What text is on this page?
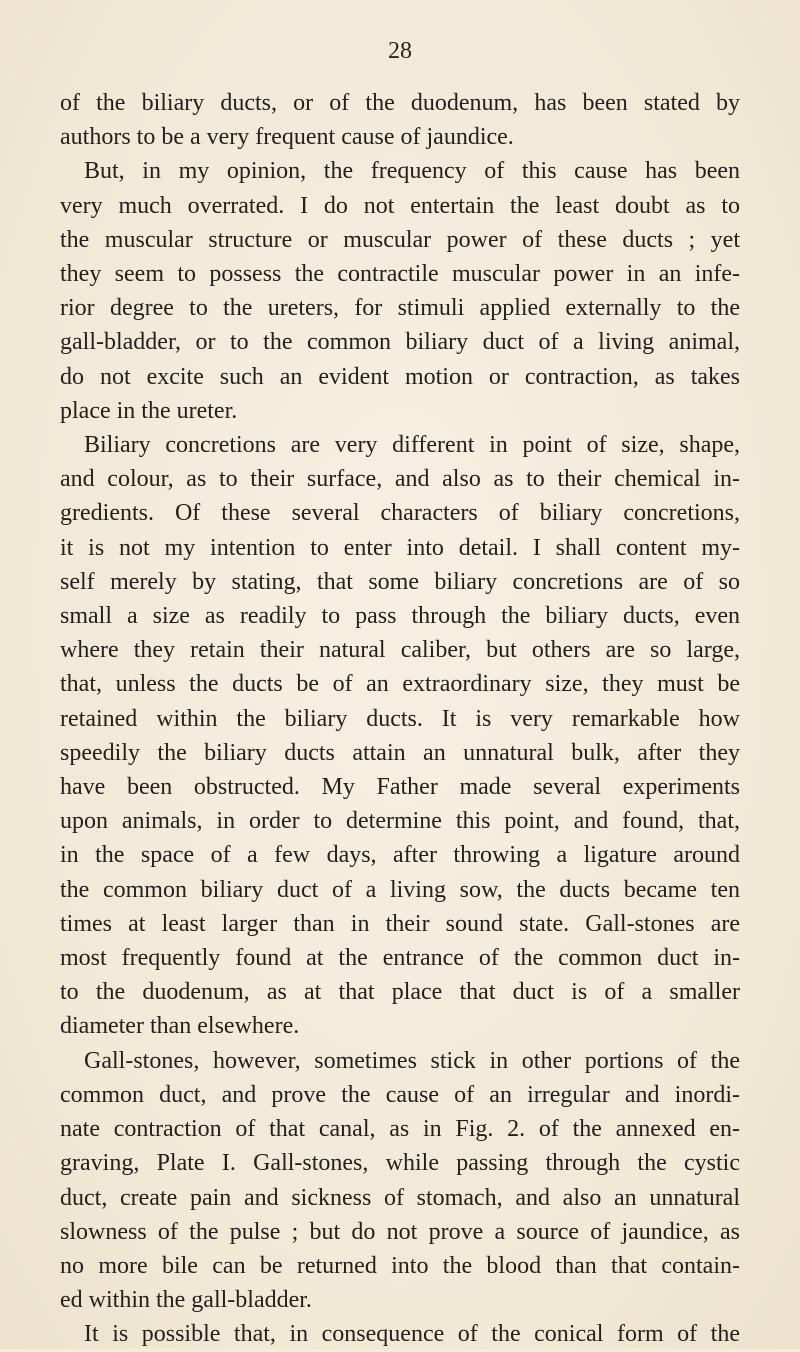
28
of the biliary ducts, or of the duodenum, has been stated by
authors to be a very frequent cause of jaundice.
But, in my opinion, the frequency of this cause has been
very much overrated. I do not entertain the least doubt as to
the muscular structure or muscular power of these ducts ; yet
they seem to possess the contractile muscular power in an infe-
rior degree to the ureters, for stimuli applied externally to the
gall-bladder, or to the common biliary duct of a living animal,
do not excite such an evident motion or contraction, as takes
place in the ureter.
Biliary concretions are very different in point of size, shape,
and colour, as to their surface, and also as to their chemical in-
gredients. Of these several characters of biliary concretions,
it is not my intention to enter into detail. I shall content my-
self merely by stating, that some biliary concretions are of so
small a size as readily to pass through the biliary ducts, even
where they retain their natural caliber, but others are so large,
that, unless the ducts be of an extraordinary size, they must be
retained within the biliary ducts. It is very remarkable how
speedily the biliary ducts attain an unnatural bulk, after they
have been obstructed. My Father made several experiments
upon animals, in order to determine this point, and found, that,
in the space of a few days, after throwing a ligature around
the common biliary duct of a living sow, the ducts became ten
times at least larger than in their sound state. Gall-stones are
most frequently found at the entrance of the common duct in-
to the duodenum, as at that place that duct is of a smaller
diameter than elsewhere.
Gall-stones, however, sometimes stick in other portions of the
common duct, and prove the cause of an irregular and inordi-
nate contraction of that canal, as in Fig. 2. of the annexed en-
graving, Plate I. Gall-stones, while passing through the cystic
duct, create pain and sickness of stomach, and also an unnatural
slowness of the pulse ; but do not prove a source of jaundice, as
no more bile can be returned into the blood than that contain-
ed within the gall-bladder.
It is possible that, in consequence of the conical form of the
